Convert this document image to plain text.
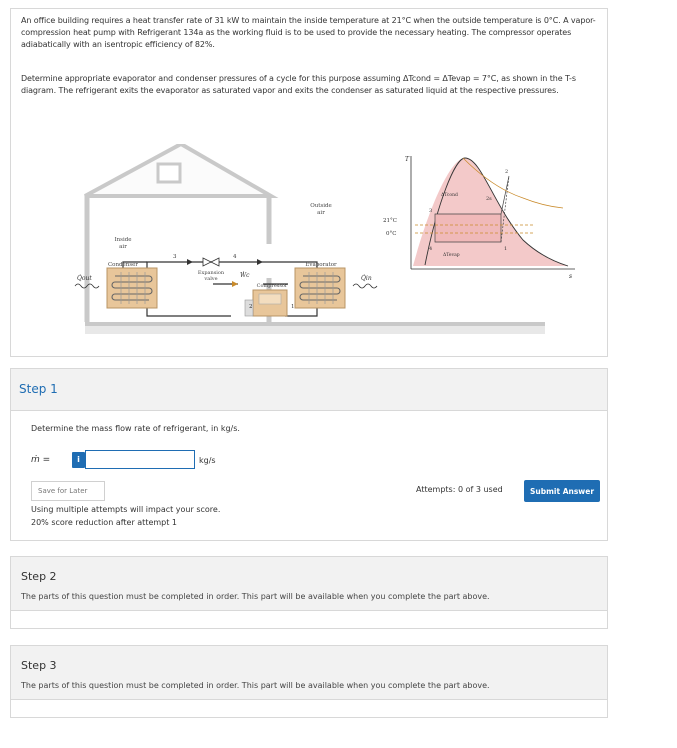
An office building requires a heat transfer rate of 31 kW to maintain the inside temperature at 21°C when the outside temperature is 0°C. A vapor-compression heat pump with Refrigerant 134a as the working fluid is to be used to provide the necessary heating. The compressor operates adiabatically with an isentropic efficiency of 82%.

Determine appropriate evaporator and condenser pressures of a cycle for this purpose assuming ΔTcond = ΔTevap = 7°C, as shown in the T-s diagram. The refrigerant exits the evaporator as saturated vapor and exits the condenser as saturated liquid at the respective pressures.

Inside
air
Outside
air
Condenser	Evaporator
Expansion
valve
Compressor
3	4
2	1
Ẇc
Q̇out	Q̇in
T
s
21°C
0°C
ΔTcond
ΔTevap
2
2s
3
4	1
Step 1
Determine the mass flow rate of refrigerant, in kg/s.
ṁ =	i	kg/s
Save for Later	Attempts: 0 of 3 used	Submit Answer
Using multiple attempts will impact your score.
20% score reduction after attempt 1
Step 2
The parts of this question must be completed in order. This part will be available when you complete the part above.
Step 3
The parts of this question must be completed in order. This part will be available when you complete the part above.
